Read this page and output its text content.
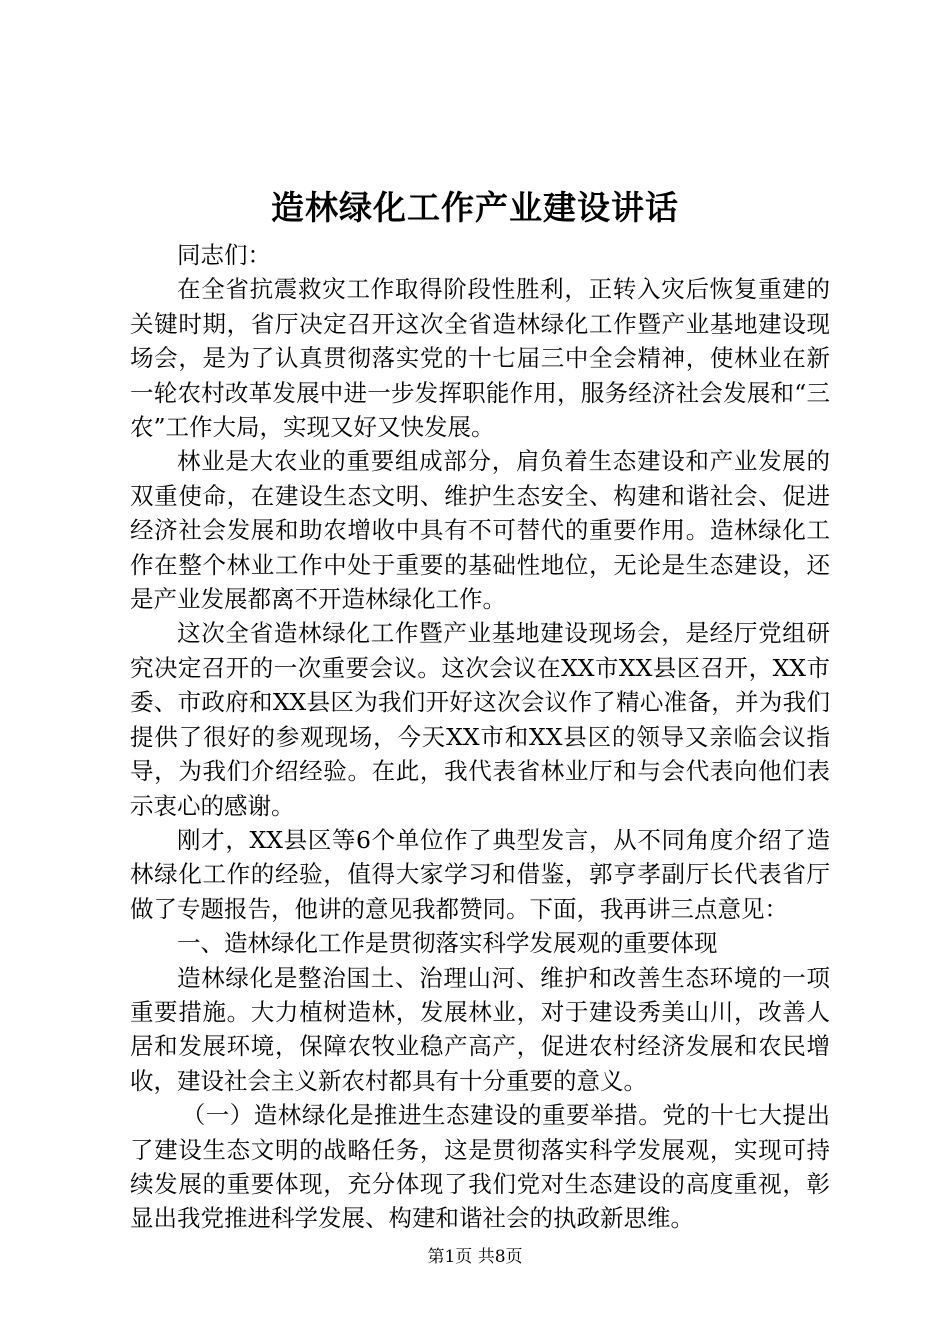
造林绿化工作产业建设讲话

同志们：

在全省抗震救灾工作取得阶段性胜利，正转入灾后恢复重建的关键时期，省厅决定召开这次全省造林绿化工作暨产业基地建设现场会，是为了认真贯彻落实党的十七届三中全会精神，使林业在新一轮农村改革发展中进一步发挥职能作用，服务经济社会发展和“三农”工作大局，实现又好又快发展。

林业是大农业的重要组成部分，肩负着生态建设和产业发展的双重使命，在建设生态文明、维护生态安全、构建和谐社会、促进经济社会发展和助农增收中具有不可替代的重要作用。造林绿化工作在整个林业工作中处于重要的基础性地位，无论是生态建设，还是产业发展都离不开造林绿化工作。

这次全省造林绿化工作暨产业基地建设现场会，是经厅党组研究决定召开的一次重要会议。这次会议在XX市XX县区召开，XX市委、市政府和XX县区为我们开好这次会议作了精心准备，并为我们提供了很好的参观现场，今天XX市和XX县区的领导又亲临会议指导，为我们介绍经验。在此，我代表省林业厅和与会代表向他们表示衷心的感谢。

刚才，XX县区等6个单位作了典型发言，从不同角度介绍了造林绿化工作的经验，值得大家学习和借鉴，郭亨孝副厅长代表省厅做了专题报告，他讲的意见我都赞同。下面，我再讲三点意见：

一、造林绿化工作是贯彻落实科学发展观的重要体现

造林绿化是整治国土、治理山河、维护和改善生态环境的一项重要措施。大力植树造林，发展林业，对于建设秀美山川，改善人居和发展环境，保障农牧业稳产高产，促进农村经济发展和农民增收，建设社会主义新农村都具有十分重要的意义。

（一）造林绿化是推进生态建设的重要举措。党的十七大提出了建设生态文明的战略任务，这是贯彻落实科学发展观，实现可持续发展的重要体现，充分体现了我们党对生态建设的高度重视，彰显出我党推进科学发展、构建和谐社会的执政新思维。

第1页 共8页
